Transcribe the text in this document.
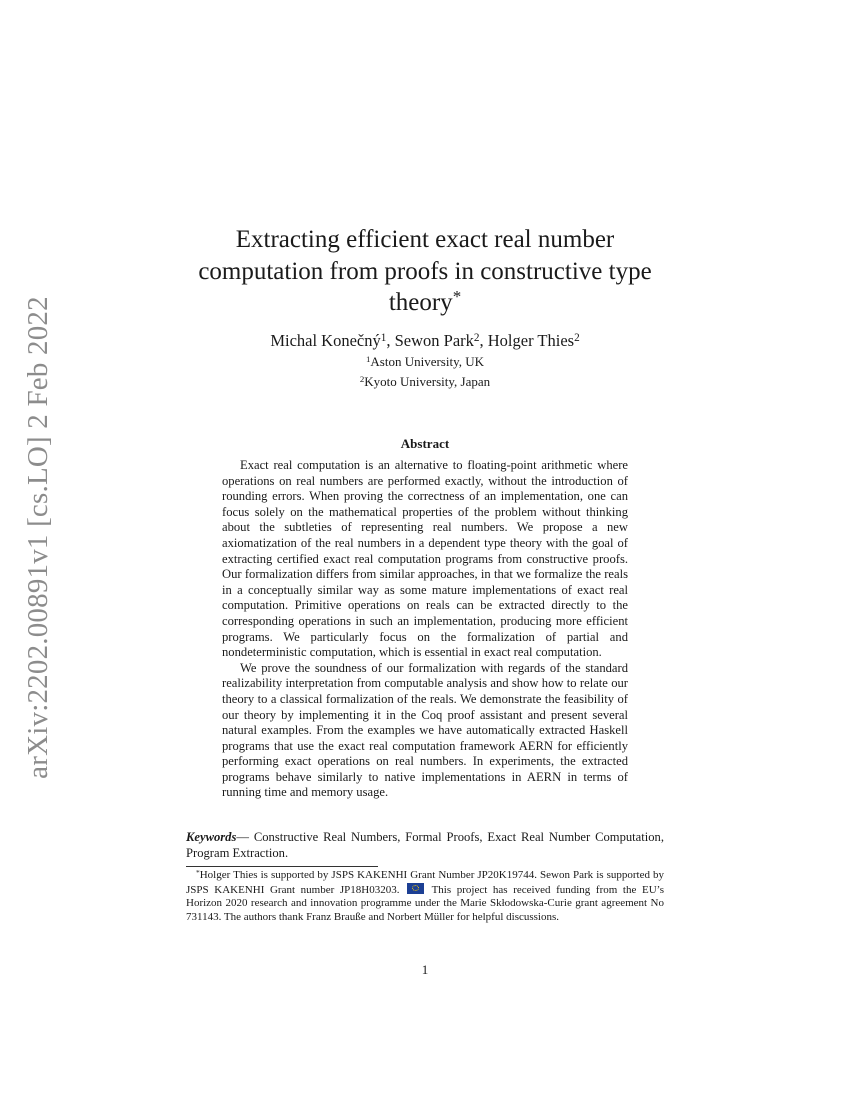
arXiv:2202.00891v1 [cs.LO] 2 Feb 2022
Extracting efficient exact real number computation from proofs in constructive type theory*
Michal Konečný$^1$, Sewon Park$^2$, Holger Thies$^2$
$^1$Aston University, UK
$^2$Kyoto University, Japan
Abstract

Exact real computation is an alternative to floating-point arithmetic where operations on real numbers are performed exactly, without the introduction of rounding errors. When proving the correctness of an implementation, one can focus solely on the mathematical properties of the problem without thinking about the subtleties of representing real numbers. We propose a new axiomatization of the real numbers in a dependent type theory with the goal of extracting certified exact real computation programs from constructive proofs. Our formalization differs from similar approaches, in that we formalize the reals in a conceptually similar way as some mature implementations of exact real computation. Primitive operations on reals can be extracted directly to the corresponding operations in such an implementation, producing more efficient programs. We particularly focus on the formalization of partial and nondeterministic computation, which is essential in exact real computation.

We prove the soundness of our formalization with regards of the standard realizability interpretation from computable analysis and show how to relate our theory to a classical formalization of the reals. We demonstrate the feasibility of our theory by implementing it in the Coq proof assistant and present several natural examples. From the examples we have automatically extracted Haskell programs that use the exact real computation framework AERN for efficiently performing exact operations on real numbers. In experiments, the extracted programs behave similarly to native implementations in AERN in terms of running time and memory usage.

Keywords— Constructive Real Numbers, Formal Proofs, Exact Real Number Computation, Program Extraction.

*Holger Thies is supported by JSPS KAKENHI Grant Number JP20K19744. Sewon Park is supported by JSPS KAKENHI Grant number JP18H03203.	This project has received funding from the EU’s Horizon 2020 research and innovation programme under the Marie Skłodowska-Curie grant agreement No 731143. The authors thank Franz Brauße and Norbert Müller for helpful discussions.

1
